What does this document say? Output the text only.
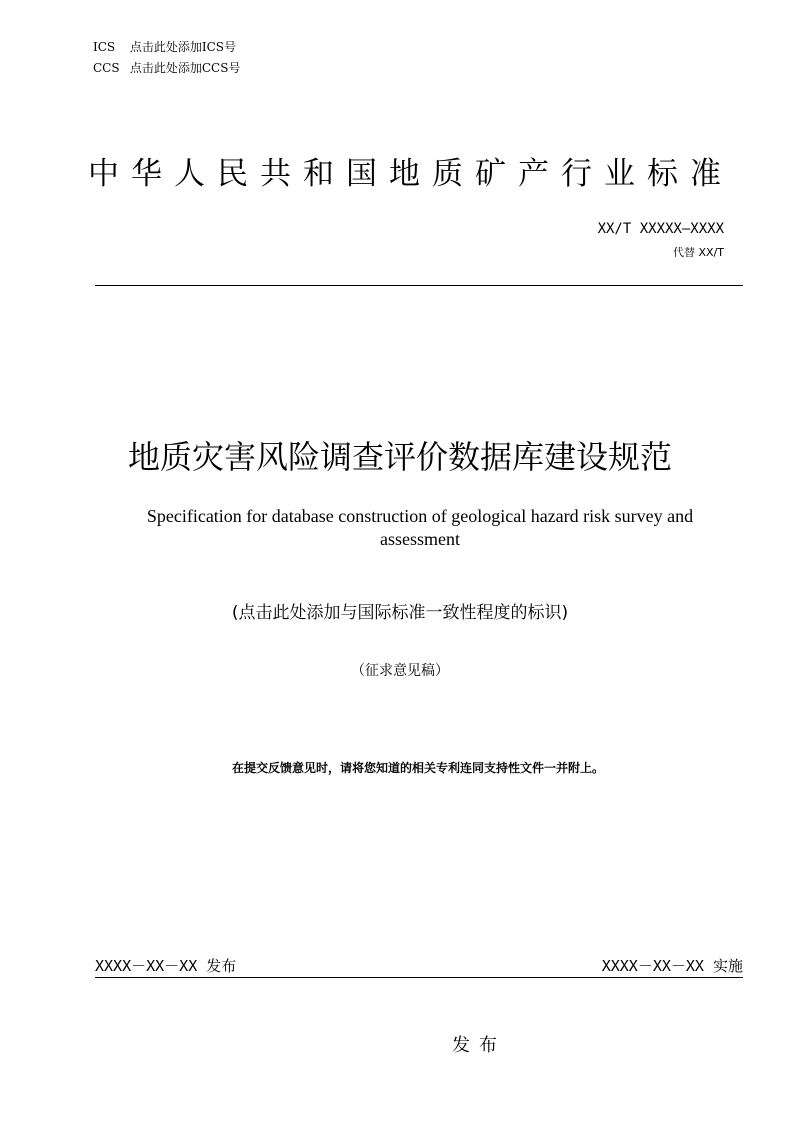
ICS 点击此处添加ICS号
CCS 点击此处添加CCS号
中华人民共和国地质矿产行业标准
XX/T XXXXX—XXXX
代替 XX/T
地质灾害风险调查评价数据库建设规范
Specification for database construction of geological hazard risk survey and assessment
(点击此处添加与国际标准一致性程度的标识)
（征求意见稿）
在提交反馈意见时，请将您知道的相关专利连同支持性文件一并附上。
XXXX－XX－XX 发布	XXXX－XX－XX 实施
发布
